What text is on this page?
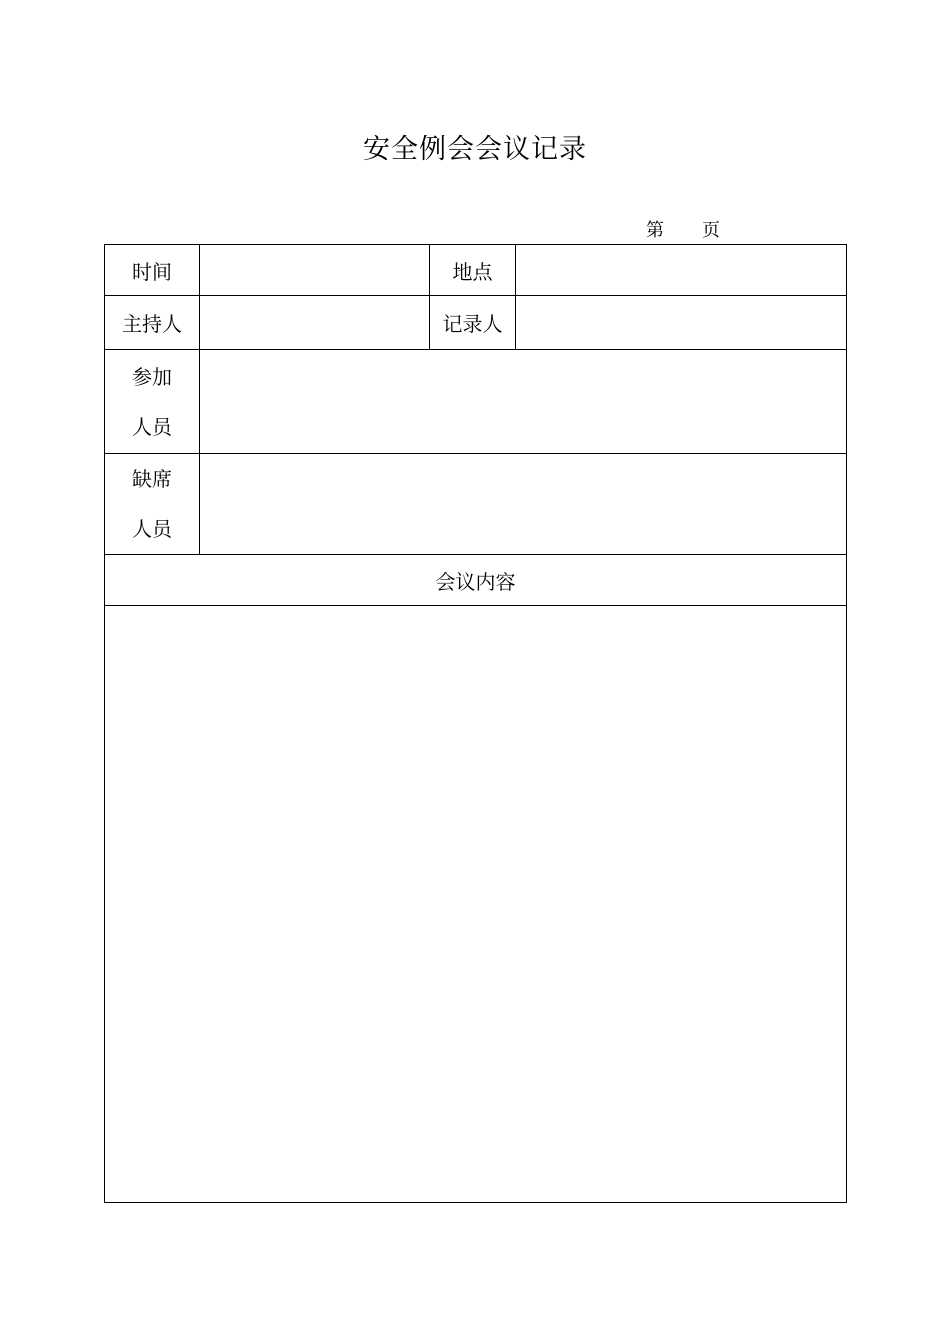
安全例会会议记录
第 页
时间		地点	
主持人		记录人	

参加
人员			

缺席
人员			

会议内容			
